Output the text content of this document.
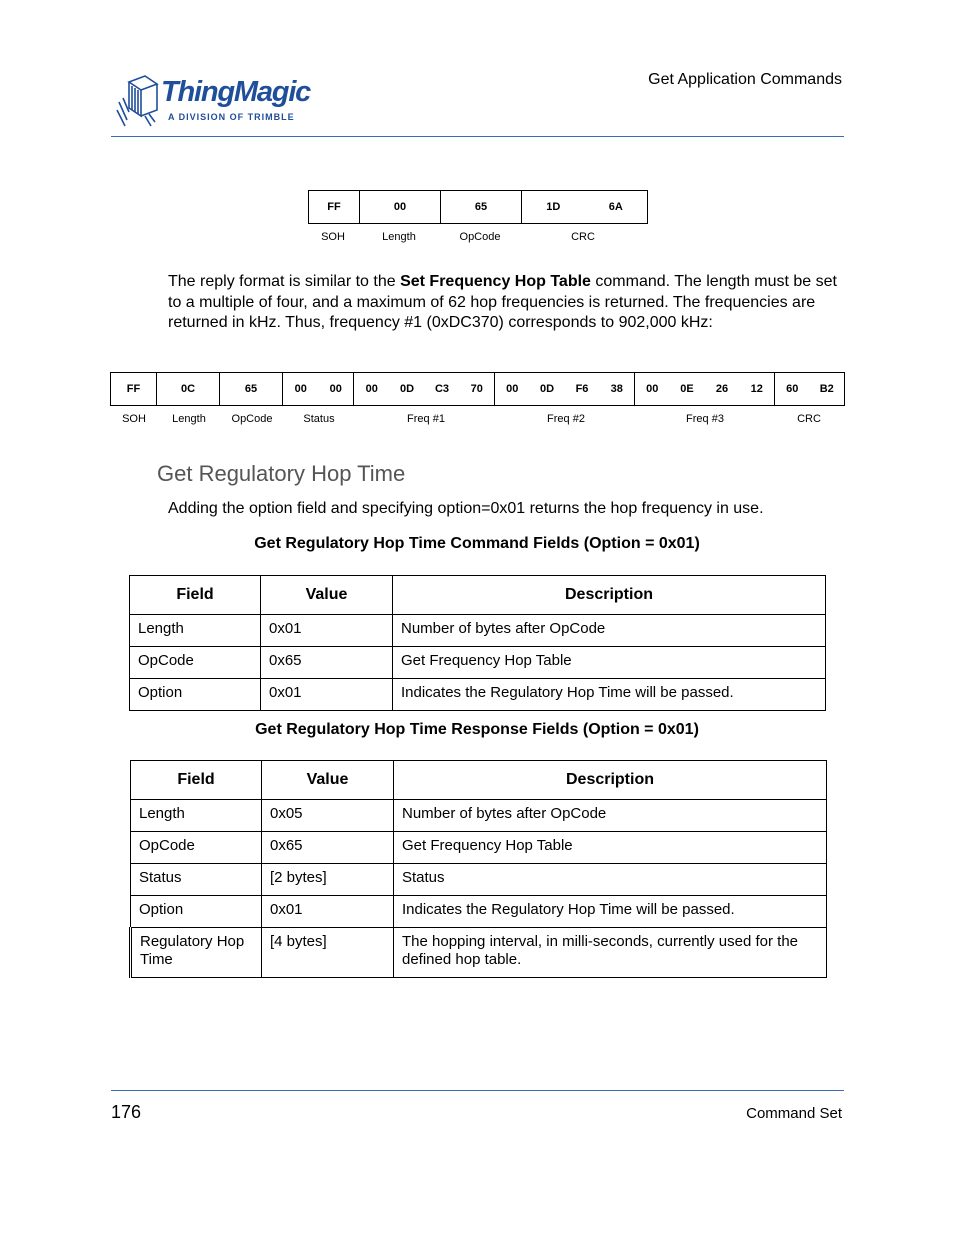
ThingMagic
A DIVISION OF TRIMBLE
Get Application Commands
FF	00	65	1D	6A
SOH	Length	OpCode	CRC
The reply format is similar to the Set Frequency Hop Table command. The length must be set to a multiple of four, and a maximum of 62 hop frequencies is returned. The frequencies are returned in kHz. Thus, frequency #1 (0xDC370) corresponds to 902,000 kHz:
FF	0C	65	00	00	00	0D	C3	70	00	0D	F6	38	00	0E	26	12	60	B2
SOH Length OpCode	Status	Freq #1	Freq #2	Freq #3	CRC
Get Regulatory Hop Time
Adding the option field and specifying option=0x01 returns the hop frequency in use.
Get Regulatory Hop Time Command Fields (Option = 0x01)
Field	Value	Description
Length	0x01	Number of bytes after OpCode
OpCode	0x65	Get Frequency Hop Table
Option	0x01	Indicates the Regulatory Hop Time will be passed.
Get Regulatory Hop Time Response Fields (Option = 0x01)
Field	Value	Description
Length	0x05	Number of bytes after OpCode
OpCode	0x65	Get Frequency Hop Table
Status	[2 bytes]	Status
Option	0x01	Indicates the Regulatory Hop Time will be passed.
Regulatory Hop Time	[4 bytes]	The hopping interval, in milli-seconds, currently used for the defined hop table.
176	Command Set
